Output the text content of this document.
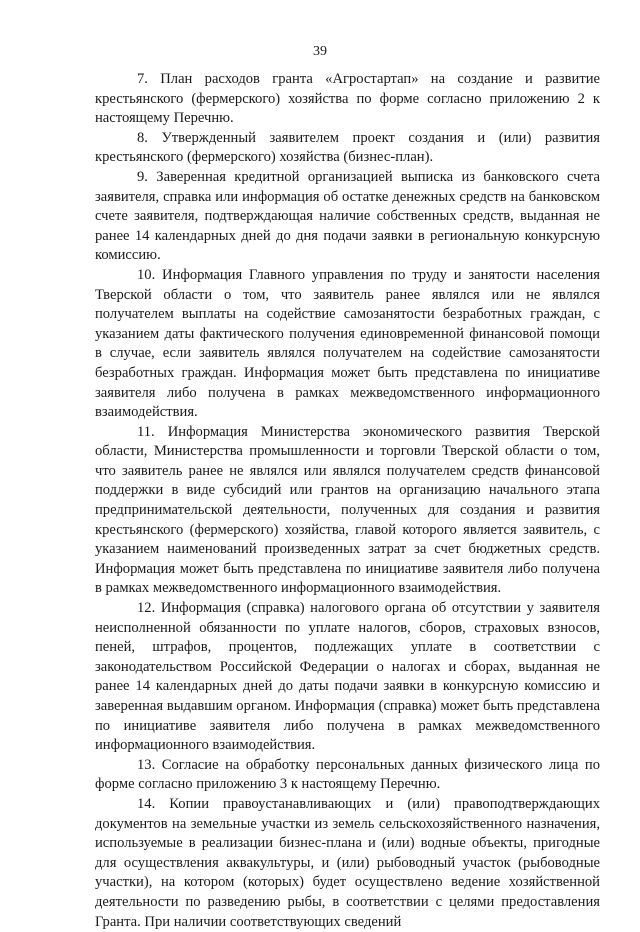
39

7. План расходов гранта «Агростартап» на создание и развитие крестьянского (фермерского) хозяйства по форме согласно приложению 2 к настоящему Перечню.

8. Утвержденный заявителем проект создания и (или) развития крестьянского (фермерского) хозяйства (бизнес-план).

9. Заверенная кредитной организацией выписка из банковского счета заявителя, справка или информация об остатке денежных средств на банковском счете заявителя, подтверждающая наличие собственных средств, выданная не ранее 14 календарных дней до дня подачи заявки в региональную конкурсную комиссию.

10. Информация Главного управления по труду и занятости населения Тверской области о том, что заявитель ранее являлся или не являлся получателем выплаты на содействие самозанятости безработных граждан, с указанием даты фактического получения единовременной финансовой помощи в случае, если заявитель являлся получателем на содействие самозанятости безработных граждан. Информация может быть представлена по инициативе заявителя либо получена в рамках межведомственного информационного взаимодействия.

11. Информация Министерства экономического развития Тверской области, Министерства промышленности и торговли Тверской области о том, что заявитель ранее не являлся или являлся получателем средств финансовой поддержки в виде субсидий или грантов на организацию начального этапа предпринимательской деятельности, полученных для создания и развития крестьянского (фермерского) хозяйства, главой которого является заявитель, с указанием наименований произведенных затрат за счет бюджетных средств. Информация может быть представлена по инициативе заявителя либо получена в рамках межведомственного информационного взаимодействия.

12. Информация (справка) налогового органа об отсутствии у заявителя неисполненной обязанности по уплате налогов, сборов, страховых взносов, пеней, штрафов, процентов, подлежащих уплате в соответствии с законодательством Российской Федерации о налогах и сборах, выданная не ранее 14 календарных дней до даты подачи заявки в конкурсную комиссию и заверенная выдавшим органом. Информация (справка) может быть представлена по инициативе заявителя либо получена в рамках межведомственного информационного взаимодействия.

13. Согласие на обработку персональных данных физического лица по форме согласно приложению 3 к настоящему Перечню.

14. Копии правоустанавливающих и (или) правоподтверждающих документов на земельные участки из земель сельскохозяйственного назначения, используемые в реализации бизнес-плана и (или) водные объекты, пригодные для осуществления аквакультуры, и (или) рыбоводный участок (рыбоводные участки), на котором (которых) будет осуществлено ведение хозяйственной деятельности по разведению рыбы, в соответствии с целями предоставления Гранта. При наличии соответствующих сведений
